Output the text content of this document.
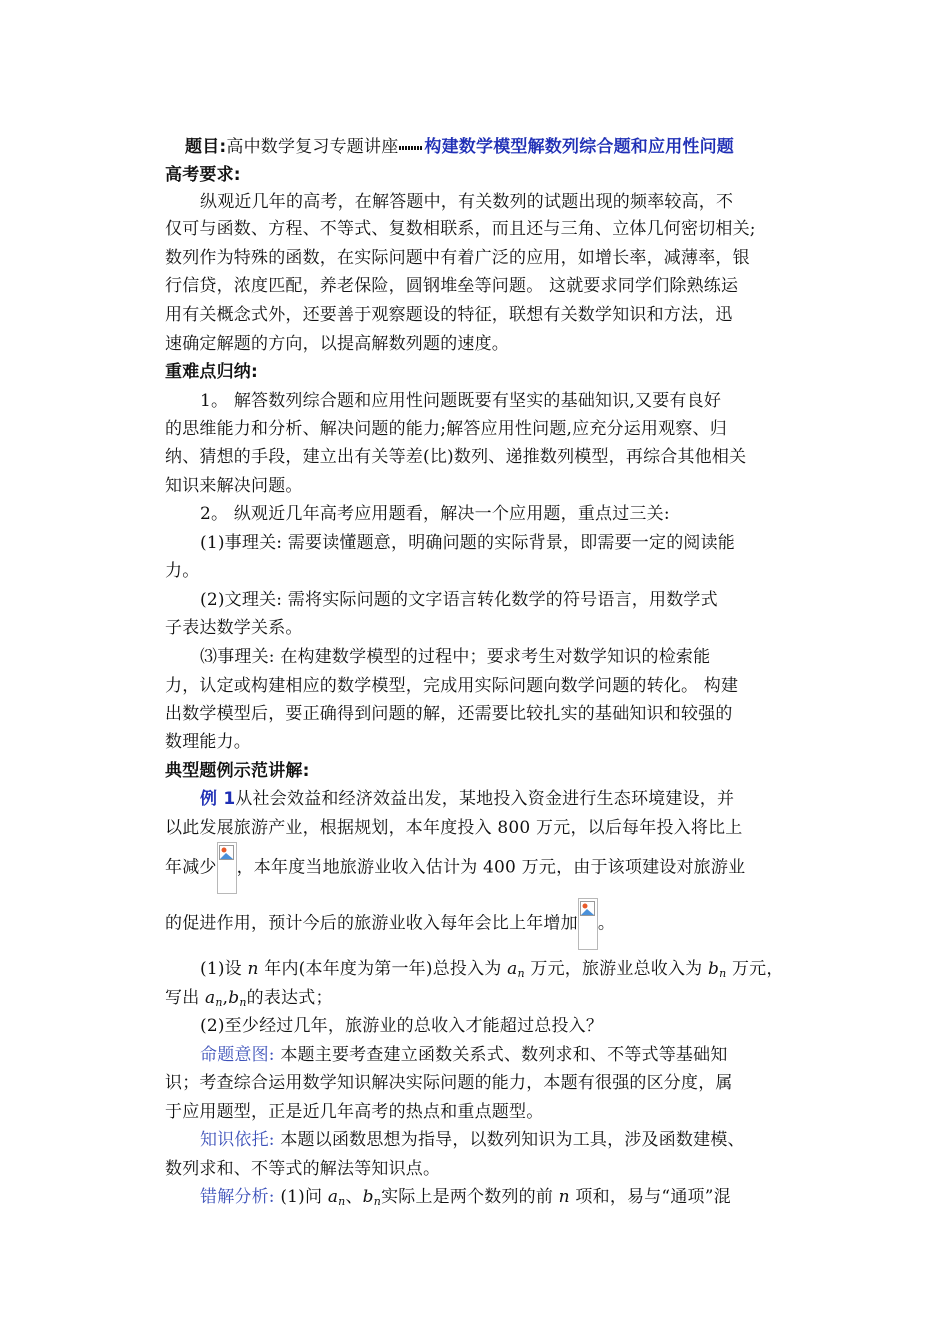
题目:高中数学复习专题讲座 构建数学模型解数列综合题和应用性问题
高考要求:
纵观近几年的高考，在解答题中，有关数列的试题出现的频率较高，不
仅可与函数、方程、不等式、复数相联系，而且还与三角、立体几何密切相关;
数列作为特殊的函数，在实际问题中有着广泛的应用，如增长率，减薄率，银
行信贷，浓度匹配，养老保险，圆钢堆垒等问题。 这就要求同学们除熟练运
用有关概念式外，还要善于观察题设的特征，联想有关数学知识和方法，迅
速确定解题的方向，以提高解数列题的速度。
重难点归纳:
1。 解答数列综合题和应用性问题既要有坚实的基础知识,又要有良好
的思维能力和分析、解决问题的能力;解答应用性问题,应充分运用观察、归
纳、猜想的手段，建立出有关等差(比)数列、递推数列模型，再综合其他相关
知识来解决问题。
2。 纵观近几年高考应用题看，解决一个应用题，重点过三关:
(1)事理关: 需要读懂题意，明确问题的实际背景，即需要一定的阅读能
力。
(2)文理关: 需将实际问题的文字语言转化数学的符号语言，用数学式
子表达数学关系。
⑶事理关: 在构建数学模型的过程中；要求考生对数学知识的检索能
力，认定或构建相应的数学模型，完成用实际问题向数学问题的转化。 构建
出数学模型后，要正确得到问题的解，还需要比较扎实的基础知识和较强的
数理能力。
典型题例示范讲解:
例 1从社会效益和经济效益出发，某地投入资金进行生态环境建设，并
以此发展旅游产业，根据规划，本年度投入 800 万元，以后每年投入将比上
年减少 ，本年度当地旅游业收入估计为 400 万元，由于该项建设对旅游业
的促进作用，预计今后的旅游业收入每年会比上年增加 。
(1)设 n 年内(本年度为第一年)总投入为 $a_n$ 万元，旅游业总收入为 $b_n$ 万元，
写出 $a_n,b_n$的表达式；
(2)至少经过几年，旅游业的总收入才能超过总投入？
命题意图: 本题主要考查建立函数关系式、数列求和、不等式等基础知
识；考查综合运用数学知识解决实际问题的能力，本题有很强的区分度，属
于应用题型，正是近几年高考的热点和重点题型。
知识依托: 本题以函数思想为指导，以数列知识为工具，涉及函数建模、
数列求和、不等式的解法等知识点。
错解分析: (1)问 $a_n$、$b_n$实际上是两个数列的前 n 项和，易与“通项”混
